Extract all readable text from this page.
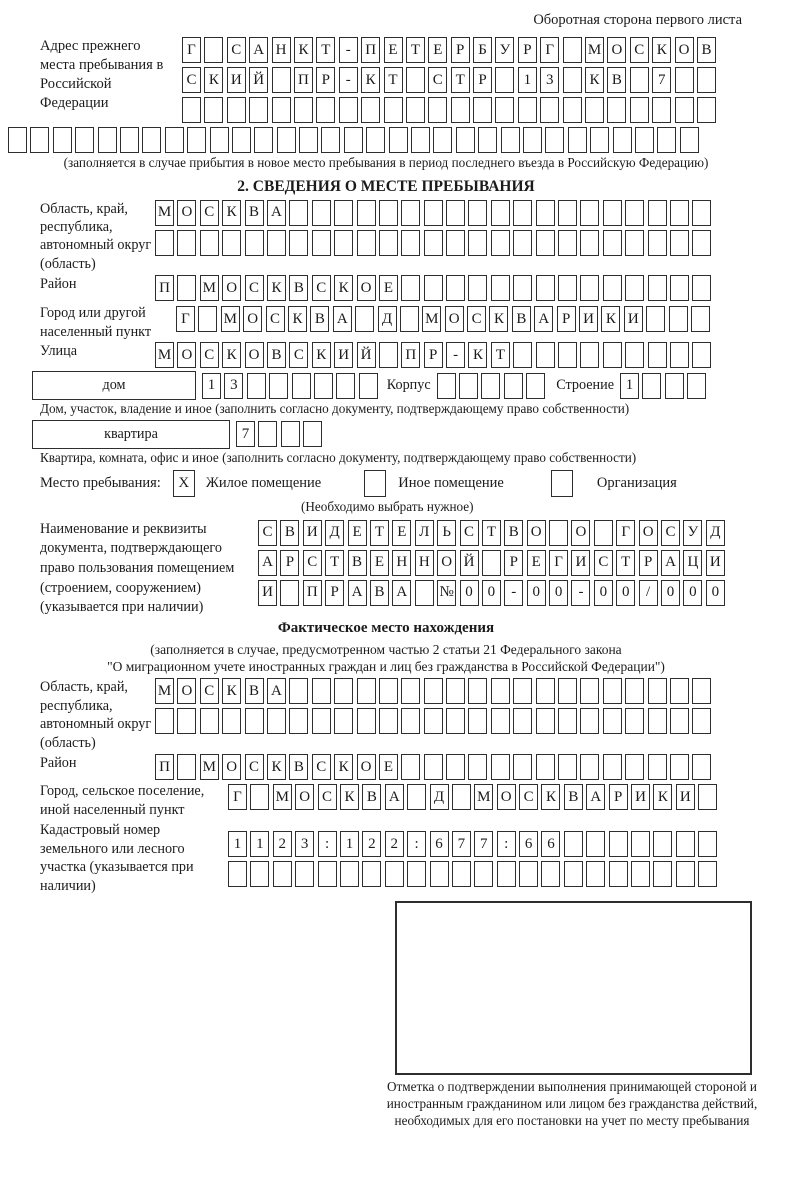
Оборотная сторона первого листа
Адрес прежнего места пребывания в Российской Федерации
Г	С А Н К Т	- П Е Т Е Р Б У Р Г	М О С К О В
С К И Й П Р	- К Т	С Т Р	1 3	К В	7
(заполняется в случае прибытия в новое место пребывания в период последнего въезда в Российскую Федерацию)
2. СВЕДЕНИЯ О МЕСТЕ ПРЕБЫВАНИЯ
Область, край, республика, автономный округ (область)
М О С К В А
Район	П М О С К В С К О Е
Город или другой населенный пункт
Г	М О С К В А Д М О С К В А Р И К И
Улица	М О С К О В С К И Й П Р	- К Т
дом	1 3	Корпус	Строение 1
Дом, участок, владение и иное (заполнить согласно документу, подтверждающему право собственности)
квартира	7
Квартира, комната, офис и иное (заполнить согласно документу, подтверждающему право собственности)
Место пребывания:	X	Жилое помещение	Иное помещение	Организация
(Необходимо выбрать нужное)
Наименование и реквизиты документа, подтверждающего право пользования помещением (строением, сооружением) (указывается при наличии)
С В И Д Е Т Е Л Ь С Т В О О	Г О С У Д
А Р С Т В Е Н Н О Й	Р Е Г И С Т Р А Ц И
И П Р А В А № 0 0	-	0 0	-	0 0	/	0 0 0
Фактическое место нахождения
(заполняется в случае, предусмотренном частью 2 статьи 21 Федерального закона
"О миграционном учете иностранных граждан и лиц без гражданства в Российской Федерации")
Область, край, республика, автономный округ (область)
М О С К В А
Район	П М О С К В С К О Е
Город, сельское поселение, иной населенный пункт
Г	М О С К В А Д М О С К В А Р И К И
Кадастровый номер земельного или лесного участка (указывается при наличии)
1 1 2 3	:	1 2 2	:	6 7 7	:	6 6
Отметка о подтверждении выполнения принимающей стороной и иностранным гражданином или лицом без гражданства действий, необходимых для его постановки на учет по месту пребывания
